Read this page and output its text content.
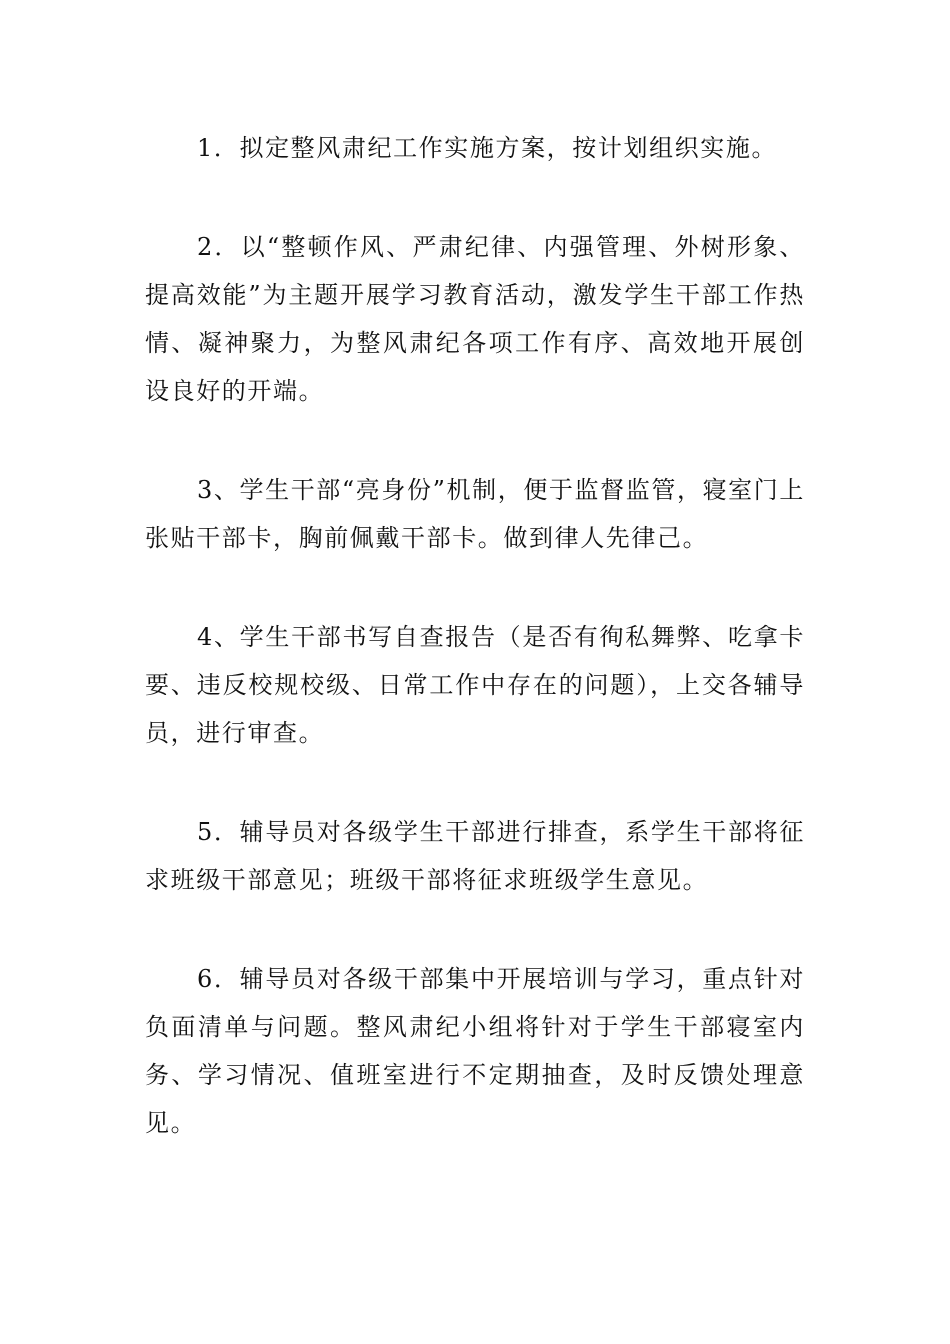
1．拟定整风肃纪工作实施方案，按计划组织实施。

2．以“整顿作风、严肃纪律、内强管理、外树形象、提高效能”为主题开展学习教育活动，激发学生干部工作热情、凝神聚力，为整风肃纪各项工作有序、高效地开展创设良好的开端。

3、学生干部“亮身份”机制，便于监督监管，寝室门上张贴干部卡，胸前佩戴干部卡。做到律人先律己。

4、学生干部书写自查报告（是否有徇私舞弊、吃拿卡要、违反校规校级、日常工作中存在的问题），上交各辅导员，进行审查。

5．辅导员对各级学生干部进行排查，系学生干部将征求班级干部意见；班级干部将征求班级学生意见。

6．辅导员对各级干部集中开展培训与学习，重点针对负面清单与问题。整风肃纪小组将针对于学生干部寝室内务、学习情况、值班室进行不定期抽查，及时反馈处理意见。
